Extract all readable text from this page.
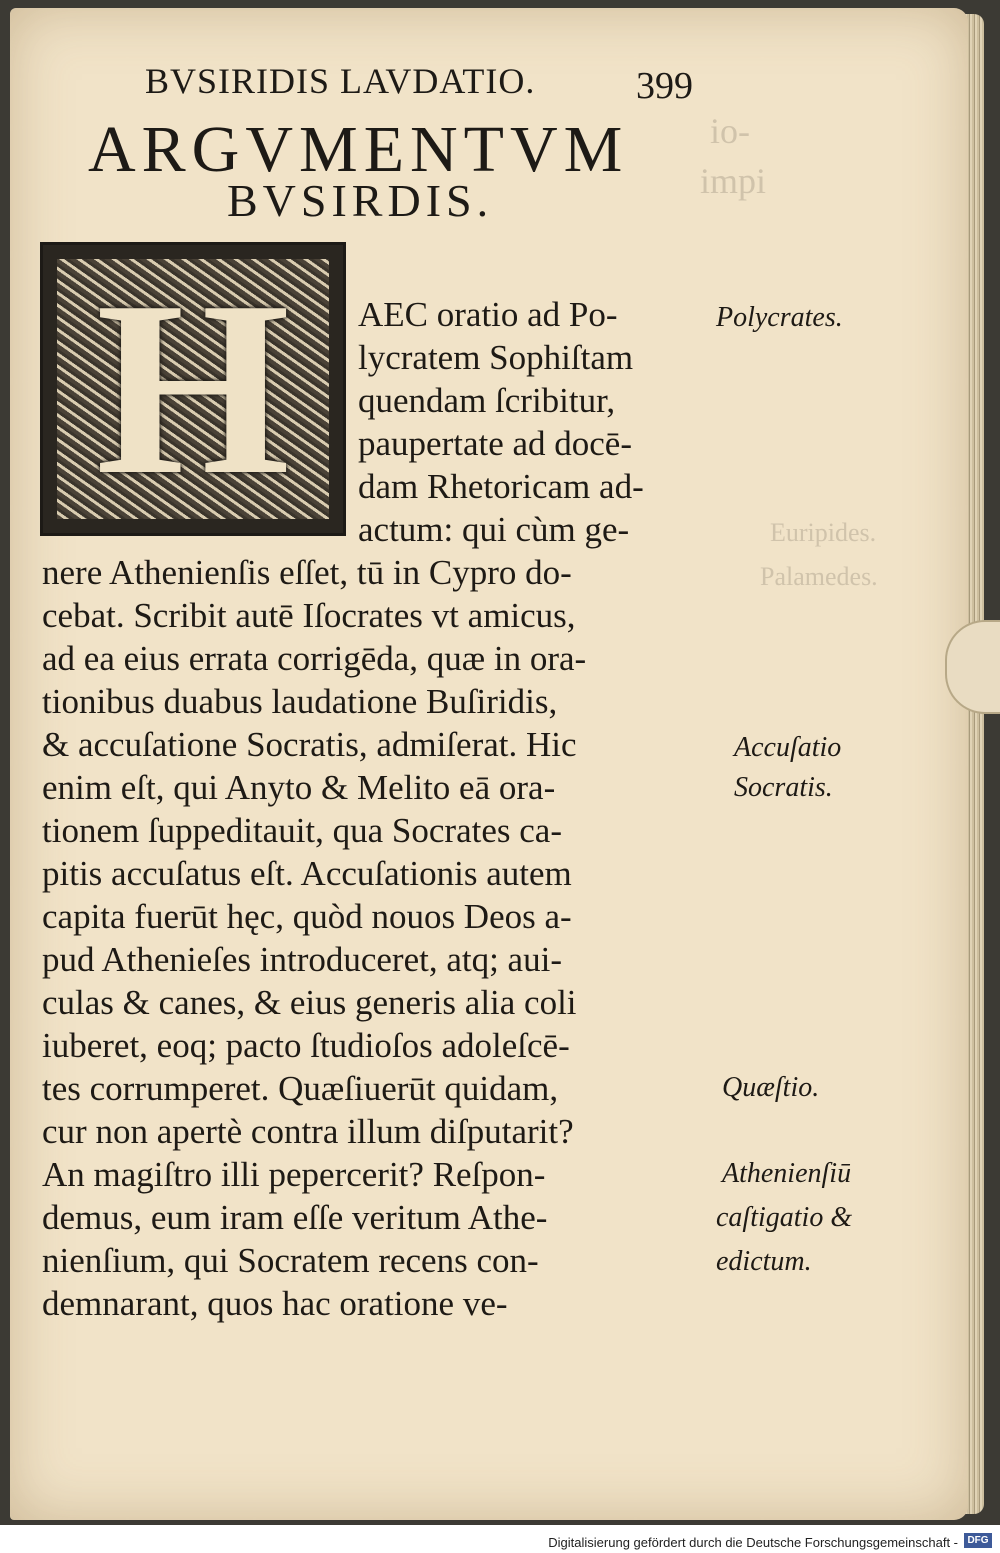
io-
impi
Euripides.
Palamedes.
BVSIRIDIS LAVDATIO.	399
ARGVMENTVM
BVSIRDIS.
H	AEC oratio ad Po-
lycratem Sophiſtam
quendam ſcribitur,
paupertate ad docē-
dam Rhetoricam ad-
actum: qui cùm ge-
nere Athenienſis eſſet, tū in Cypro do-
cebat. Scribit autē Iſocrates vt amicus,
ad ea eius errata corrigēda, quæ in ora-
tionibus duabus laudatione Buſiridis,
& accuſatione Socratis, admiſerat. Hic
enim eſt, qui Anyto & Melito eā ora-
tionem ſuppeditauit, qua Socrates ca-
pitis accuſatus eſt. Accuſationis autem
capita fuerūt hęc, quòd nouos Deos a-
pud Athenieſes introduceret, atq; aui-
culas & canes, & eius generis alia coli
iuberet, eoq; pacto ſtudioſos adoleſcē-
tes corrumperet. Quæſiuerūt quidam,
cur non apertè contra illum diſputarit?
An magiſtro illi pepercerit? Reſpon-
demus, eum iram eſſe veritum Athe-
nienſium, qui Socratem recens con-
demnarant, quos hac oratione ve-
Polycrates.
Accuſatio
Socratis.
Quæſtio.
Athenienſiū
caſtigatio &
edictum.
Digitalisierung gefördert durch die Deutsche Forschungsgemeinschaft - DFG
